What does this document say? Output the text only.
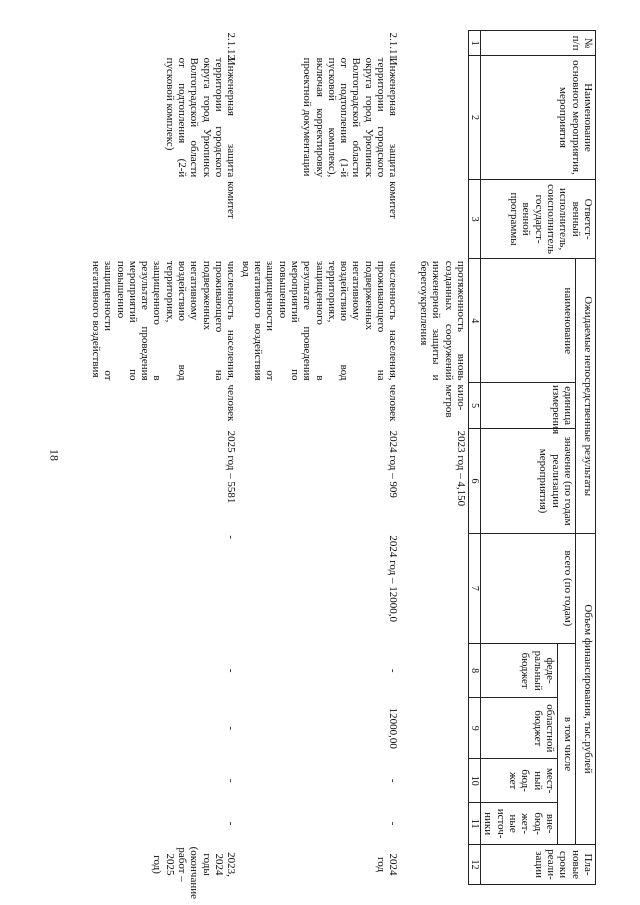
18
№ п/п	Наименование основного мероприятия, мероприятия	Ответст-венный исполнитель, соисполнитель государст-венной программы	Ожидаемые непосредственные результаты			Объем финансирования, тыс.рублей					Пла-новые сроки реали-зации
			наименование	единица измерения	значение (по годам реализации мероприятия)	всего (по годам)	в том числе				
							феде-ральный бюджет	областной бюджет	мест-ный бюд-жет	вне-бюд-жет-ные источ-ники	
1	2	3	4	5	6	7	8	9	10	11	12
			протяженность вновь созданных сооружений инженерной защиты и берегоукрепления	кило-метров	2023 год – 4,150						
2.1.11.	Инженерная защита территории городского округа город Урюпинск Волгоградской области от подтопления (1-й пусковой комплекс), включая корректировку проектной документации	комитет	численность населения, проживающего на подверженных негативному воздействию вод территориях, защищенного в результате проведения мероприятий по повышению защищенности от негативного воздействия вод	человек	2024 год – 909	2024 год – 12000,0	-	12000,00	-	-	2024 год
2.1.12.	Инженерная защита территории городского округа город Урюпинск Волгоградской области от подтопления (2-й пусковой комплекс)	комитет	численность населения, проживающего на подверженных негативному воздействию вод территориях, защищенного в результате проведения мероприятий по повышению защищенности от негативного воздействия	человек	2025 год – 5581	-	-	-	-	-	2023, 2024 годы (окончание работ – 2025 год)
